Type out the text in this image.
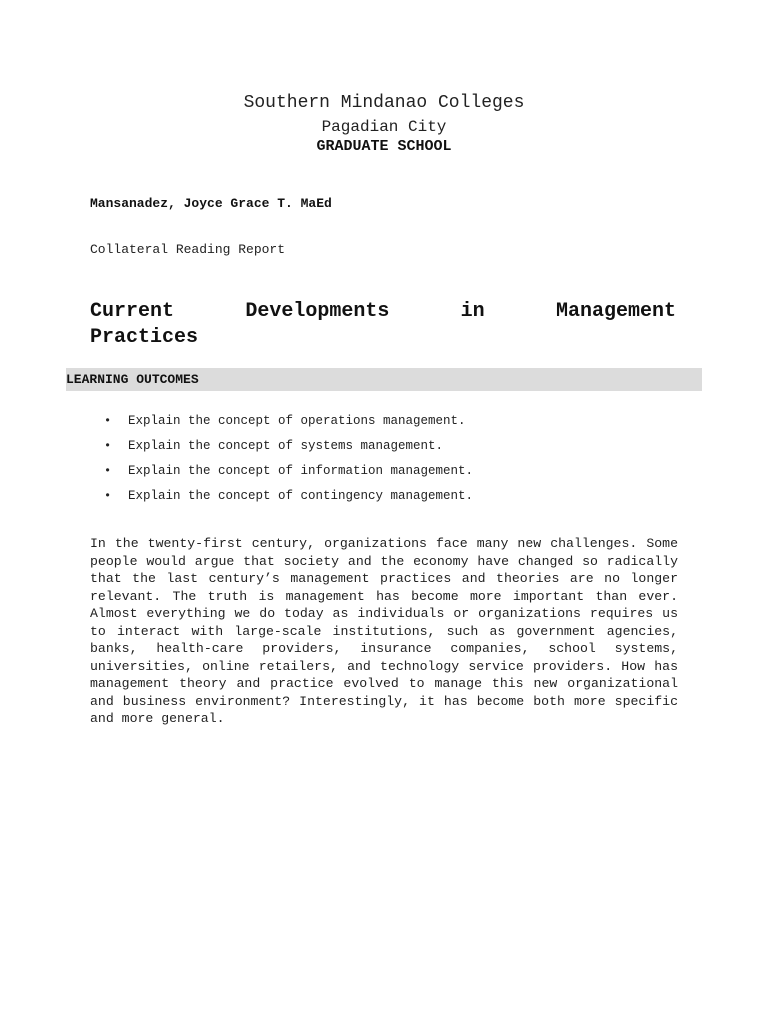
Southern Mindanao Colleges
Pagadian City
GRADUATE SCHOOL
Mansanadez, Joyce Grace T. MaEd
Collateral Reading Report
Current	Developments	in	Management
Practices
LEARNING OUTCOMES
• Explain the concept of operations management.
• Explain the concept of systems management.
• Explain the concept of information management.
• Explain the concept of contingency management.

In the twenty-first century, organizations face many new challenges. Some people would argue that society and the economy have changed so radically that the last century’s management practices and theories are no longer relevant. The truth is management has become more important than ever. Almost everything we do today as individuals or organizations requires us to interact with large-scale institutions, such as government agencies, banks, health-care providers, insurance companies, school systems, universities, online retailers, and technology service providers. How has management theory and practice evolved to manage this new organizational and business environment? Interestingly, it has become both more specific and more general.
